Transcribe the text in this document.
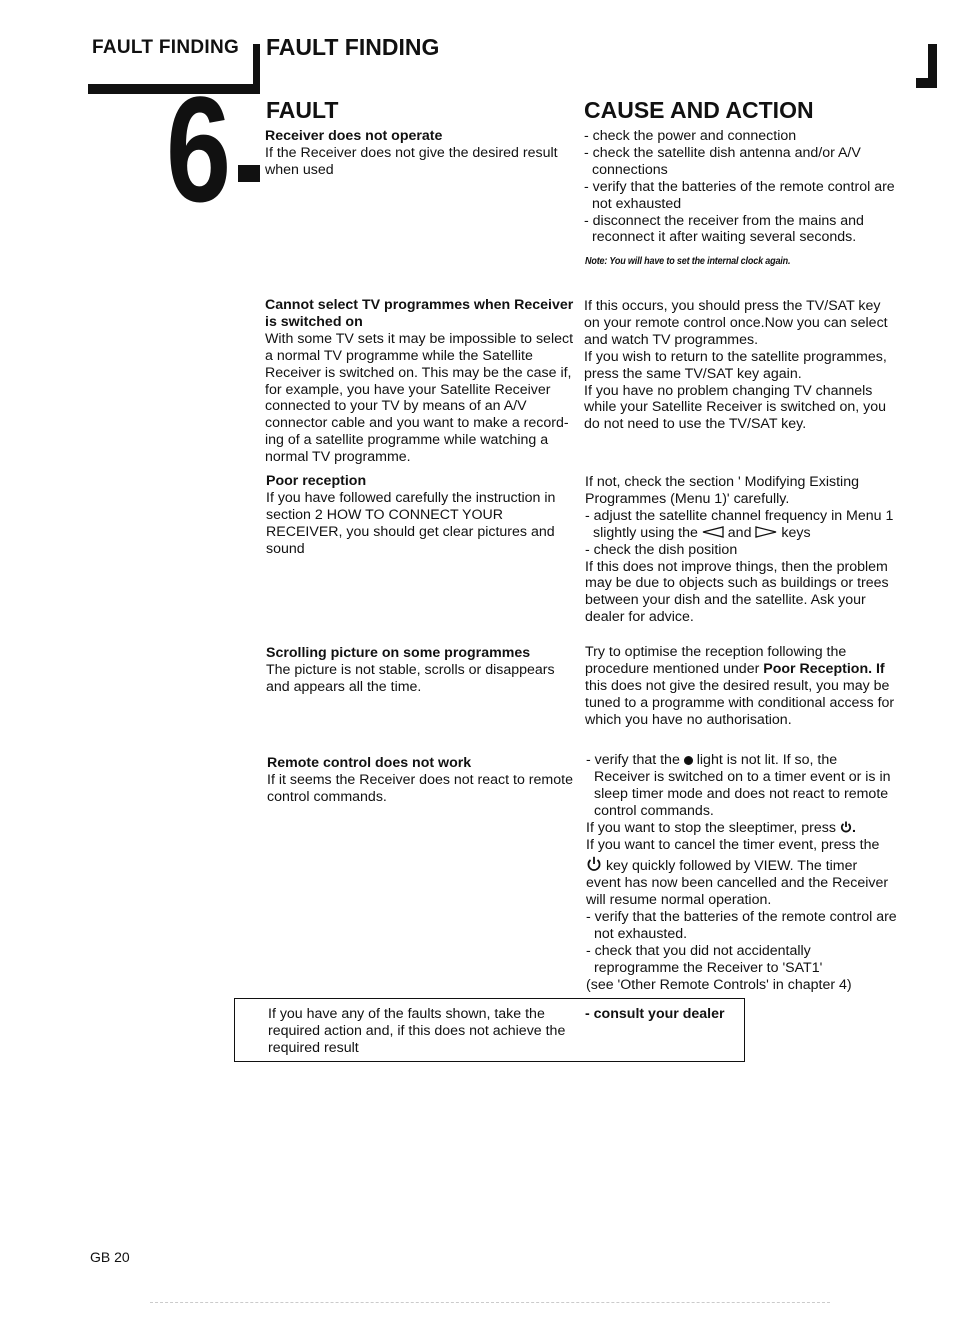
FAULT FINDING FAULT FINDING
6 FAULT	CAUSE AND ACTION
Receiver does not operate
If the Receiver does not give the desired result
when used
- check the power and connection
- check the satellite dish antenna and/or A/V
connections
- verify that the batteries of the remote control are
not exhausted
- disconnect the receiver from the mains and
reconnect it after waiting several seconds.
Note: You will have to set the internal clock again.
Cannot select TV programmes when Receiver
is switched on
With some TV sets it may be impossible to select
a normal TV programme while the Satellite
Receiver is switched on. This may be the case if,
for example, you have your Satellite Receiver
connected to your TV by means of an A/V
connector cable and you want to make a record-
ing of a satellite programme while watching a
normal TV programme.
If this occurs, you should press the TV/SAT key
on your remote control once.Now you can select
and watch TV programmes.
If you wish to return to the satellite programmes,
press the same TV/SAT key again.
If you have no problem changing TV channels
while your Satellite Receiver is switched on, you
do not need to use the TV/SAT key.
Poor reception
If you have followed carefully the instruction in
section 2 HOW TO CONNECT YOUR
RECEIVER, you should get clear pictures and
sound
If not, check the section ' Modifying Existing
Programmes (Menu 1)' carefully.
- adjust the satellite channel frequency in Menu 1
slightly using the and keys
- check the dish position
If this does not improve things, then the problem
may be due to objects such as buildings or trees
between your dish and the satellite. Ask your
dealer for advice.
Scrolling picture on some programmes
The picture is not stable, scrolls or disappears
and appears all the time.
Try to optimise the reception following the
procedure mentioned under Poor Reception. If
this does not give the desired result, you may be
tuned to a programme with conditional access for
which you have no authorisation.
Remote control does not work
If it seems the Receiver does not react to remote
control commands.
- verify that the light is not lit. If so, the
Receiver is switched on to a timer event or is in
sleep timer mode and does not react to remote
control commands.
If you want to stop the sleeptimer, press .
If you want to cancel the timer event, press the
key quickly followed by VIEW. The timer
event has now been cancelled and the Receiver
will resume normal operation.
- verify that the batteries of the remote control are
not exhausted.
- check that you did not accidentally
reprogramme the Receiver to 'SAT1'
(see 'Other Remote Controls' in chapter 4)
If you have any of the faults shown, take the
required action and, if this does not achieve the
required result
- consult your dealer
GB 20
